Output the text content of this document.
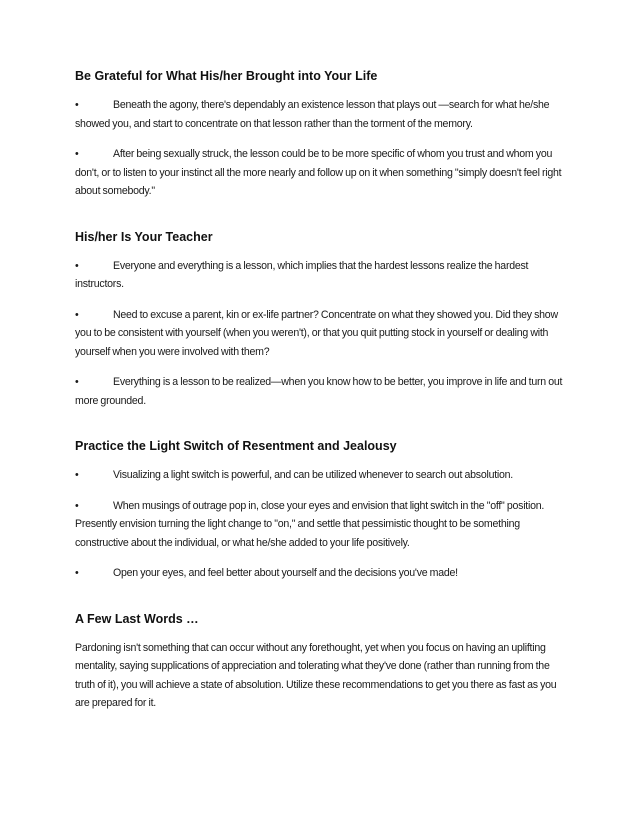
Be Grateful for What His/her Brought into Your Life
•	Beneath the agony, there's dependably an existence lesson that plays out —search for what he/she showed you, and start to concentrate on that lesson rather than the torment of the memory.
•	After being sexually struck, the lesson could be to be more specific of whom you trust and whom you don't, or to listen to your instinct all the more nearly and follow up on it when something "simply doesn't feel right about somebody."
His/her Is Your Teacher
•	Everyone and everything is a lesson, which implies that the hardest lessons realize the hardest instructors.
•	Need to excuse a parent, kin or ex-life partner? Concentrate on what they showed you. Did they show you to be consistent with yourself (when you weren't), or that you quit putting stock in yourself or dealing with yourself when you were involved with them?
•	Everything is a lesson to be realized—when you know how to be better, you improve in life and turn out more grounded.
Practice the Light Switch of Resentment and Jealousy
•	Visualizing a light switch is powerful, and can be utilized whenever to search out absolution.
•	When musings of outrage pop in, close your eyes and envision that light switch in the "off" position. Presently envision turning the light change to "on," and settle that pessimistic thought to be something constructive about the individual, or what he/she added to your life positively.
•	Open your eyes, and feel better about yourself and the decisions you've made!
A Few Last Words …
Pardoning isn't something that can occur without any forethought, yet when you focus on having an uplifting mentality, saying supplications of appreciation and tolerating what they've done (rather than running from the truth of it), you will achieve a state of absolution. Utilize these recommendations to get you there as fast as you are prepared for it.
